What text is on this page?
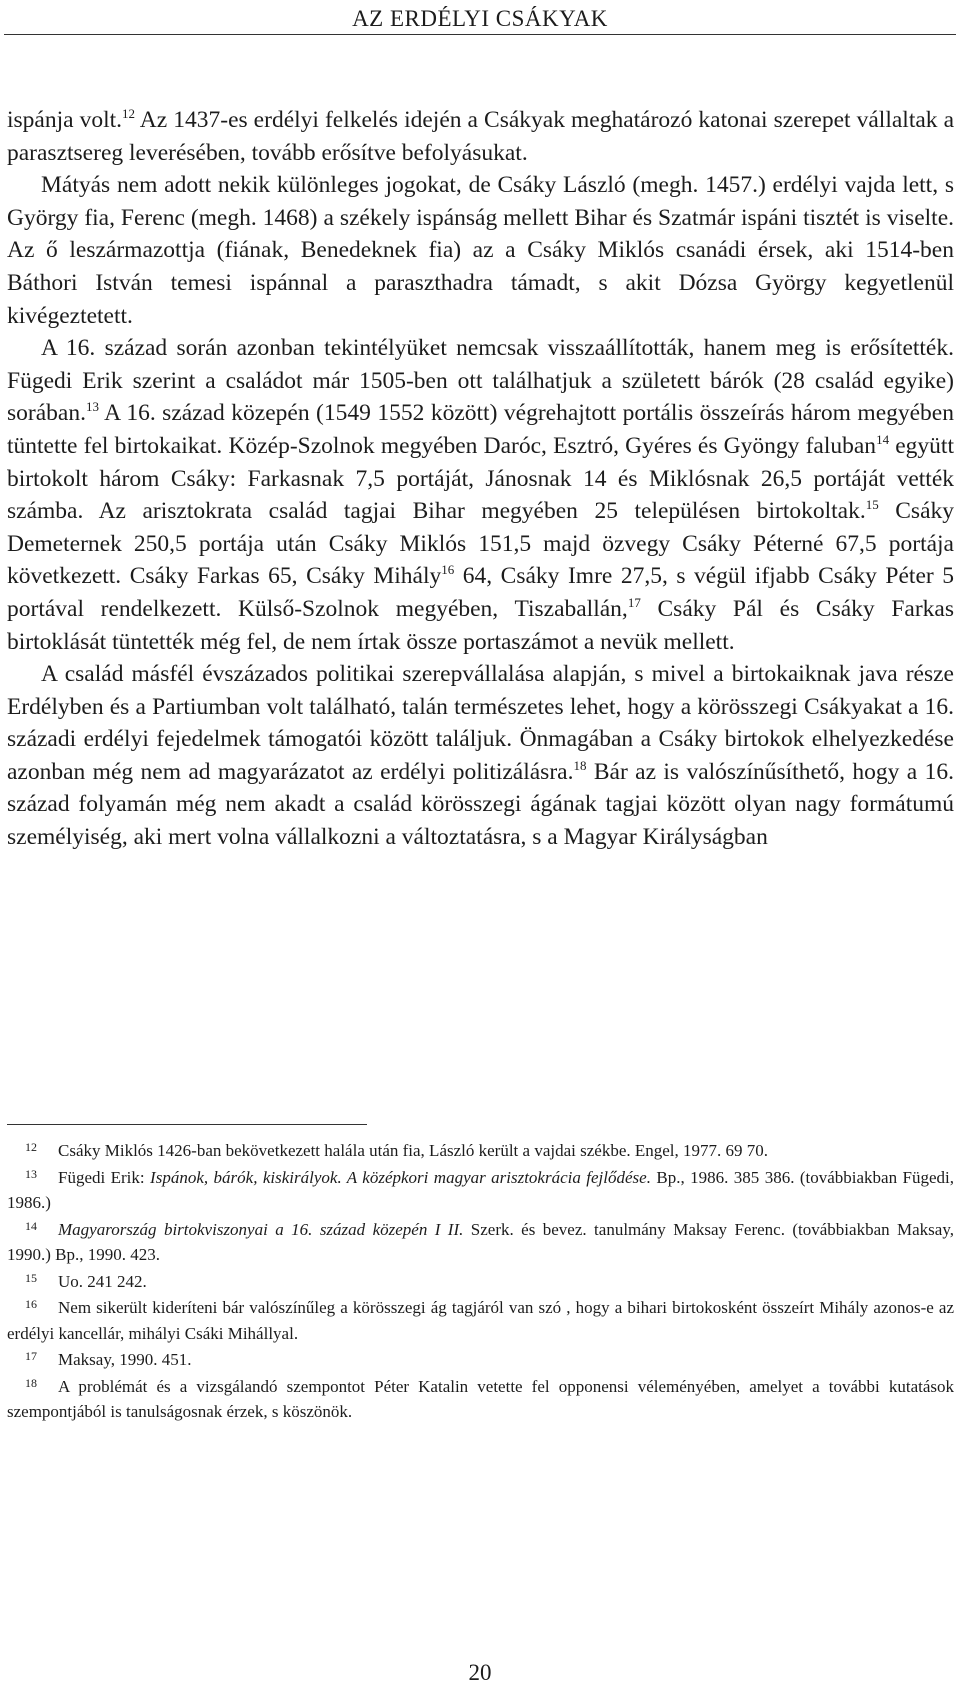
AZ ERDÉLYI CSÁKYAK

ispánja volt.$^{12}$ Az 1437-es erdélyi felkelés idején a Csákyak meghatározó katonai szerepet vállaltak a parasztsereg leverésében, tovább erősítve befolyásukat.

Mátyás nem adott nekik különleges jogokat, de Csáky László (megh. 1457.) erdélyi vajda lett, s György fia, Ferenc (megh. 1468) a székely ispánság mellett Bihar és Szatmár ispáni tisztét is viselte. Az ő leszármazottja (fiának, Benedeknek fia) az a Csáky Miklós csanádi érsek, aki 1514-ben Báthori István temesi ispánnal a paraszthadra támadt, s akit Dózsa György kegyetlenül kivégeztetett.

A 16. század során azonban tekintélyüket nemcsak visszaállították, hanem meg is erősítették. Fügedi Erik szerint a családot már 1505-ben ott találhatjuk a született bárók (28 család egyike) sorában.$^{13}$ A 16. század közepén (1549 1552 között) végrehajtott portális összeírás három megyében tüntette fel birtokaikat. Közép-Szolnok megyében Daróc, Esztró, Gyéres és Gyöngy faluban$^{14}$ együtt birtokolt három Csáky: Farkasnak 7,5 portáját, Jánosnak 14 és Miklósnak 26,5 portáját vették számba. Az arisztokrata család tagjai Bihar megyében 25 településen birtokoltak.$^{15}$ Csáky Demeternek 250,5 portája után Csáky Miklós 151,5 majd özvegy Csáky Péterné 67,5 portája következett. Csáky Farkas 65, Csáky Mihály$^{16}$ 64, Csáky Imre 27,5, s végül ifjabb Csáky Péter 5 portával rendelkezett. Külső-Szolnok megyében, Tiszaballán,$^{17}$ Csáky Pál és Csáky Farkas birtoklását tüntették még fel, de nem írtak össze portaszámot a nevük mellett.

A család másfél évszázados politikai szerepvállalása alapján, s mivel a birtokaiknak java része Erdélyben és a Partiumban volt található, talán természetes lehet, hogy a körösszegi Csákyakat a 16. századi erdélyi fejedelmek támogatói között találjuk. Önmagában a Csáky birtokok elhelyezkedése azonban még nem ad magyarázatot az erdélyi politizálásra.$^{18}$ Bár az is valószínűsíthető, hogy a 16. század folyamán még nem akadt a család körösszegi ágának tagjai között olyan nagy formátumú személyiség, aki mert volna vállalkozni a változtatásra, s a Magyar Királyságban

12 Csáky Miklós 1426-ban bekövetkezett halála után fia, László került a vajdai székbe. Engel, 1977. 69 70.

13 Fügedi Erik: Ispánok, bárók, kiskirályok. A középkori magyar arisztokrácia fejlődése. Bp., 1986. 385 386. (továbbiakban Fügedi, 1986.)

14 Magyarország birtokviszonyai a 16. század közepén I II. Szerk. és bevez. tanulmány Maksay Ferenc. (továbbiakban Maksay, 1990.) Bp., 1990. 423.

15 Uo. 241 242.

16 Nem sikerült kideríteni bár valószínűleg a körösszegi ág tagjáról van szó , hogy a bihari birtokosként összeírt Mihály azonos-e az erdélyi kancellár, mihályi Csáki Mihállyal.

17 Maksay, 1990. 451.

18 A problémát és a vizsgálandó szempontot Péter Katalin vetette fel opponensi véleményében, amelyet a további kutatások szempontjából is tanulságosnak érzek, s köszönök.

20
